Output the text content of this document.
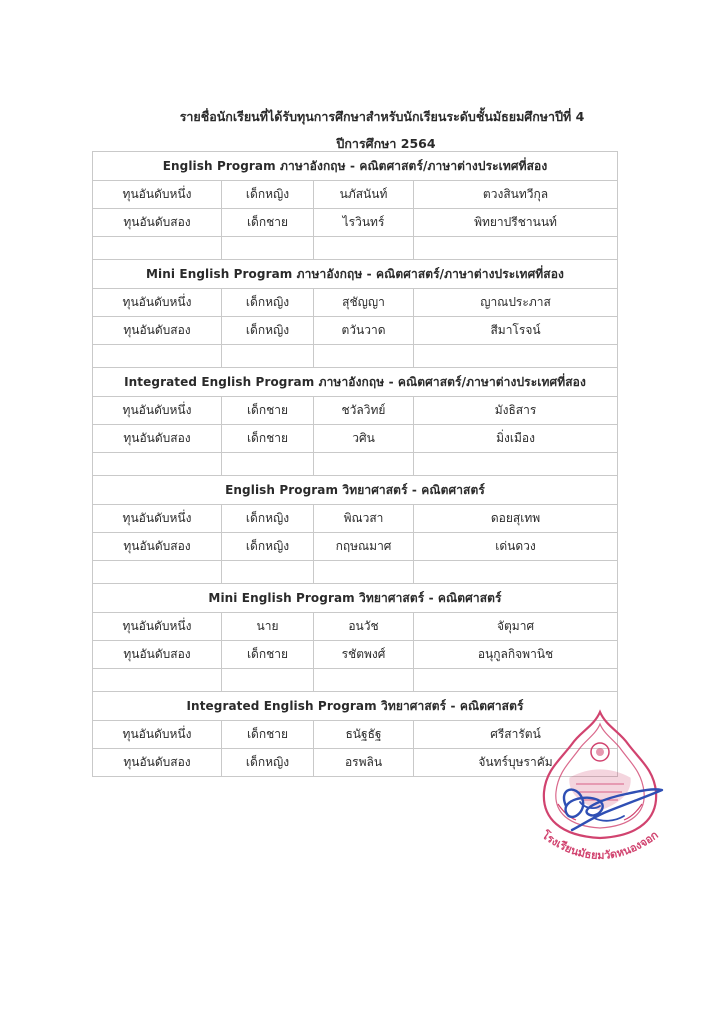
รายชื่อนักเรียนที่ได้รับทุนการศึกษาสำหรับนักเรียนระดับชั้นมัธยมศึกษาปีที่ 4
ปีการศึกษา 2564
English Program ภาษาอังกฤษ - คณิตศาสตร์/ภาษาต่างประเทศที่สอง			
ทุนอันดับหนึ่ง	เด็กหญิง	นภัสนันท์	ตวงสินทวีกุล
ทุนอันดับสอง	เด็กชาย	ไรวินทร์	พิทยาปรีชานนท์

Mini English Program ภาษาอังกฤษ - คณิตศาสตร์/ภาษาต่างประเทศที่สอง			
ทุนอันดับหนึ่ง	เด็กหญิง	สุชัญญา	ญาณประภาส
ทุนอันดับสอง	เด็กหญิง	ตวันวาด	สีมาโรจน์

Integrated English Program ภาษาอังกฤษ - คณิตศาสตร์/ภาษาต่างประเทศที่สอง			
ทุนอันดับหนึ่ง	เด็กชาย	ชวัลวิทย์	มังธิสาร
ทุนอันดับสอง	เด็กชาย	วศิน	มิ่งเมือง

English Program วิทยาศาสตร์ - คณิตศาสตร์			
ทุนอันดับหนึ่ง	เด็กหญิง	พิณวสา	ดอยสุเทพ
ทุนอันดับสอง	เด็กหญิง	กฤษณมาศ	เด่นดวง

Mini English Program วิทยาศาสตร์ - คณิตศาสตร์			
ทุนอันดับหนึ่ง	นาย	อนวัช	จัตุมาศ
ทุนอันดับสอง	เด็กชาย	รชัตพงศ์	อนุกูลกิจพานิช

Integrated English Program วิทยาศาสตร์ - คณิตศาสตร์			
ทุนอันดับหนึ่ง	เด็กชาย	ธนัฐธัฐ	ศรีสารัตน์
ทุนอันดับสอง	เด็กหญิง	อรพลิน	จันทร์บุษราคัม
โรงเรียนมัธยมวัดหนองจอก
